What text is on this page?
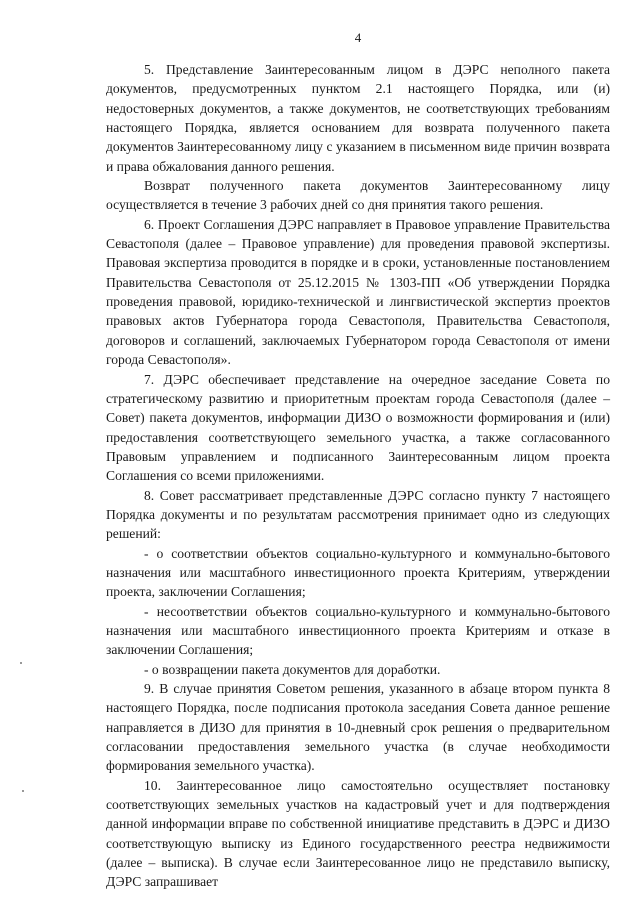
4

5. Представление Заинтересованным лицом в ДЭРС неполного пакета документов, предусмотренных пунктом 2.1 настоящего Порядка, или (и) недостоверных документов, а также документов, не соответствующих требованиям настоящего Порядка, является основанием для возврата полученного пакета документов Заинтересованному лицу с указанием в письменном виде причин возврата и права обжалования данного решения.

Возврат полученного пакета документов Заинтересованному лицу осуществляется в течение 3 рабочих дней со дня принятия такого решения.

6. Проект Соглашения ДЭРС направляет в Правовое управление Правительства Севастополя (далее – Правовое управление) для проведения правовой экспертизы. Правовая экспертиза проводится в порядке и в сроки, установленные постановлением Правительства Севастополя от 25.12.2015 № 1303-ПП «Об утверждении Порядка проведения правовой, юридико-технической и лингвистической экспертиз проектов правовых актов Губернатора города Севастополя, Правительства Севастополя, договоров и соглашений, заключаемых Губернатором города Севастополя от имени города Севастополя».

7. ДЭРС обеспечивает представление на очередное заседание Совета по стратегическому развитию и приоритетным проектам города Севастополя (далее – Совет) пакета документов, информации ДИЗО о возможности формирования и (или) предоставления соответствующего земельного участка, а также согласованного Правовым управлением и подписанного Заинтересованным лицом проекта Соглашения со всеми приложениями.

8. Совет рассматривает представленные ДЭРС согласно пункту 7 настоящего Порядка документы и по результатам рассмотрения принимает одно из следующих решений:

- о соответствии объектов социально-культурного и коммунально-бытового назначения или масштабного инвестиционного проекта Критериям, утверждении проекта, заключении Соглашения;

- несоответствии объектов социально-культурного и коммунально-бытового назначения или масштабного инвестиционного проекта Критериям и отказе в заключении Соглашения;

- о возвращении пакета документов для доработки.

9. В случае принятия Советом решения, указанного в абзаце втором пункта 8 настоящего Порядка, после подписания протокола заседания Совета данное решение направляется в ДИЗО для принятия в 10-дневный срок решения о предварительном согласовании предоставления земельного участка (в случае необходимости формирования земельного участка).

10. Заинтересованное лицо самостоятельно осуществляет постановку соответствующих земельных участков на кадастровый учет и для подтверждения данной информации вправе по собственной инициативе представить в ДЭРС и ДИЗО соответствующую выписку из Единого государственного реестра недвижимости (далее – выписка). В случае если Заинтересованное лицо не представило выписку, ДЭРС запрашивает
